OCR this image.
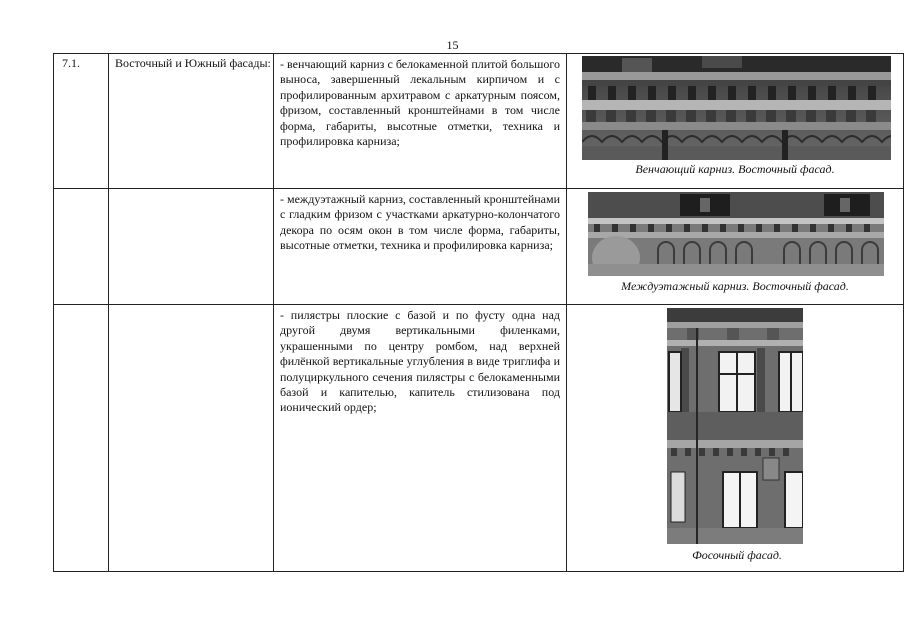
15
7.1.	Восточный и Южный фасады:	- венчающий карниз с белокаменной плитой большого выноса, завершенный лекальным кирпичом и с профилированным архитравом с аркатурным поясом, фризом, составленный кронштейнами в том числе форма, габариты, высотные отметки, техника и профилировка карниза;	Венчающий карниз. Восточный фасад.

		- междуэтажный карниз, составленный кронштейнами с гладким фризом с участками аркатурно-колончатого декора по осям окон в том числе форма, габариты, высотные отметки, техника и профилировка карниза;	Междуэтажный карниз. Восточный фасад.

		- пилястры плоские с базой и по фусту одна над другой двумя вертикальными филенками, украшенными по центру ромбом, над верхней филёнкой вертикальные углубления в виде триглифа и полуциркульного сечения пилястры с белокаменными базой и капителью, капитель стилизована под ионический ордер;	Фосочный фасад.
